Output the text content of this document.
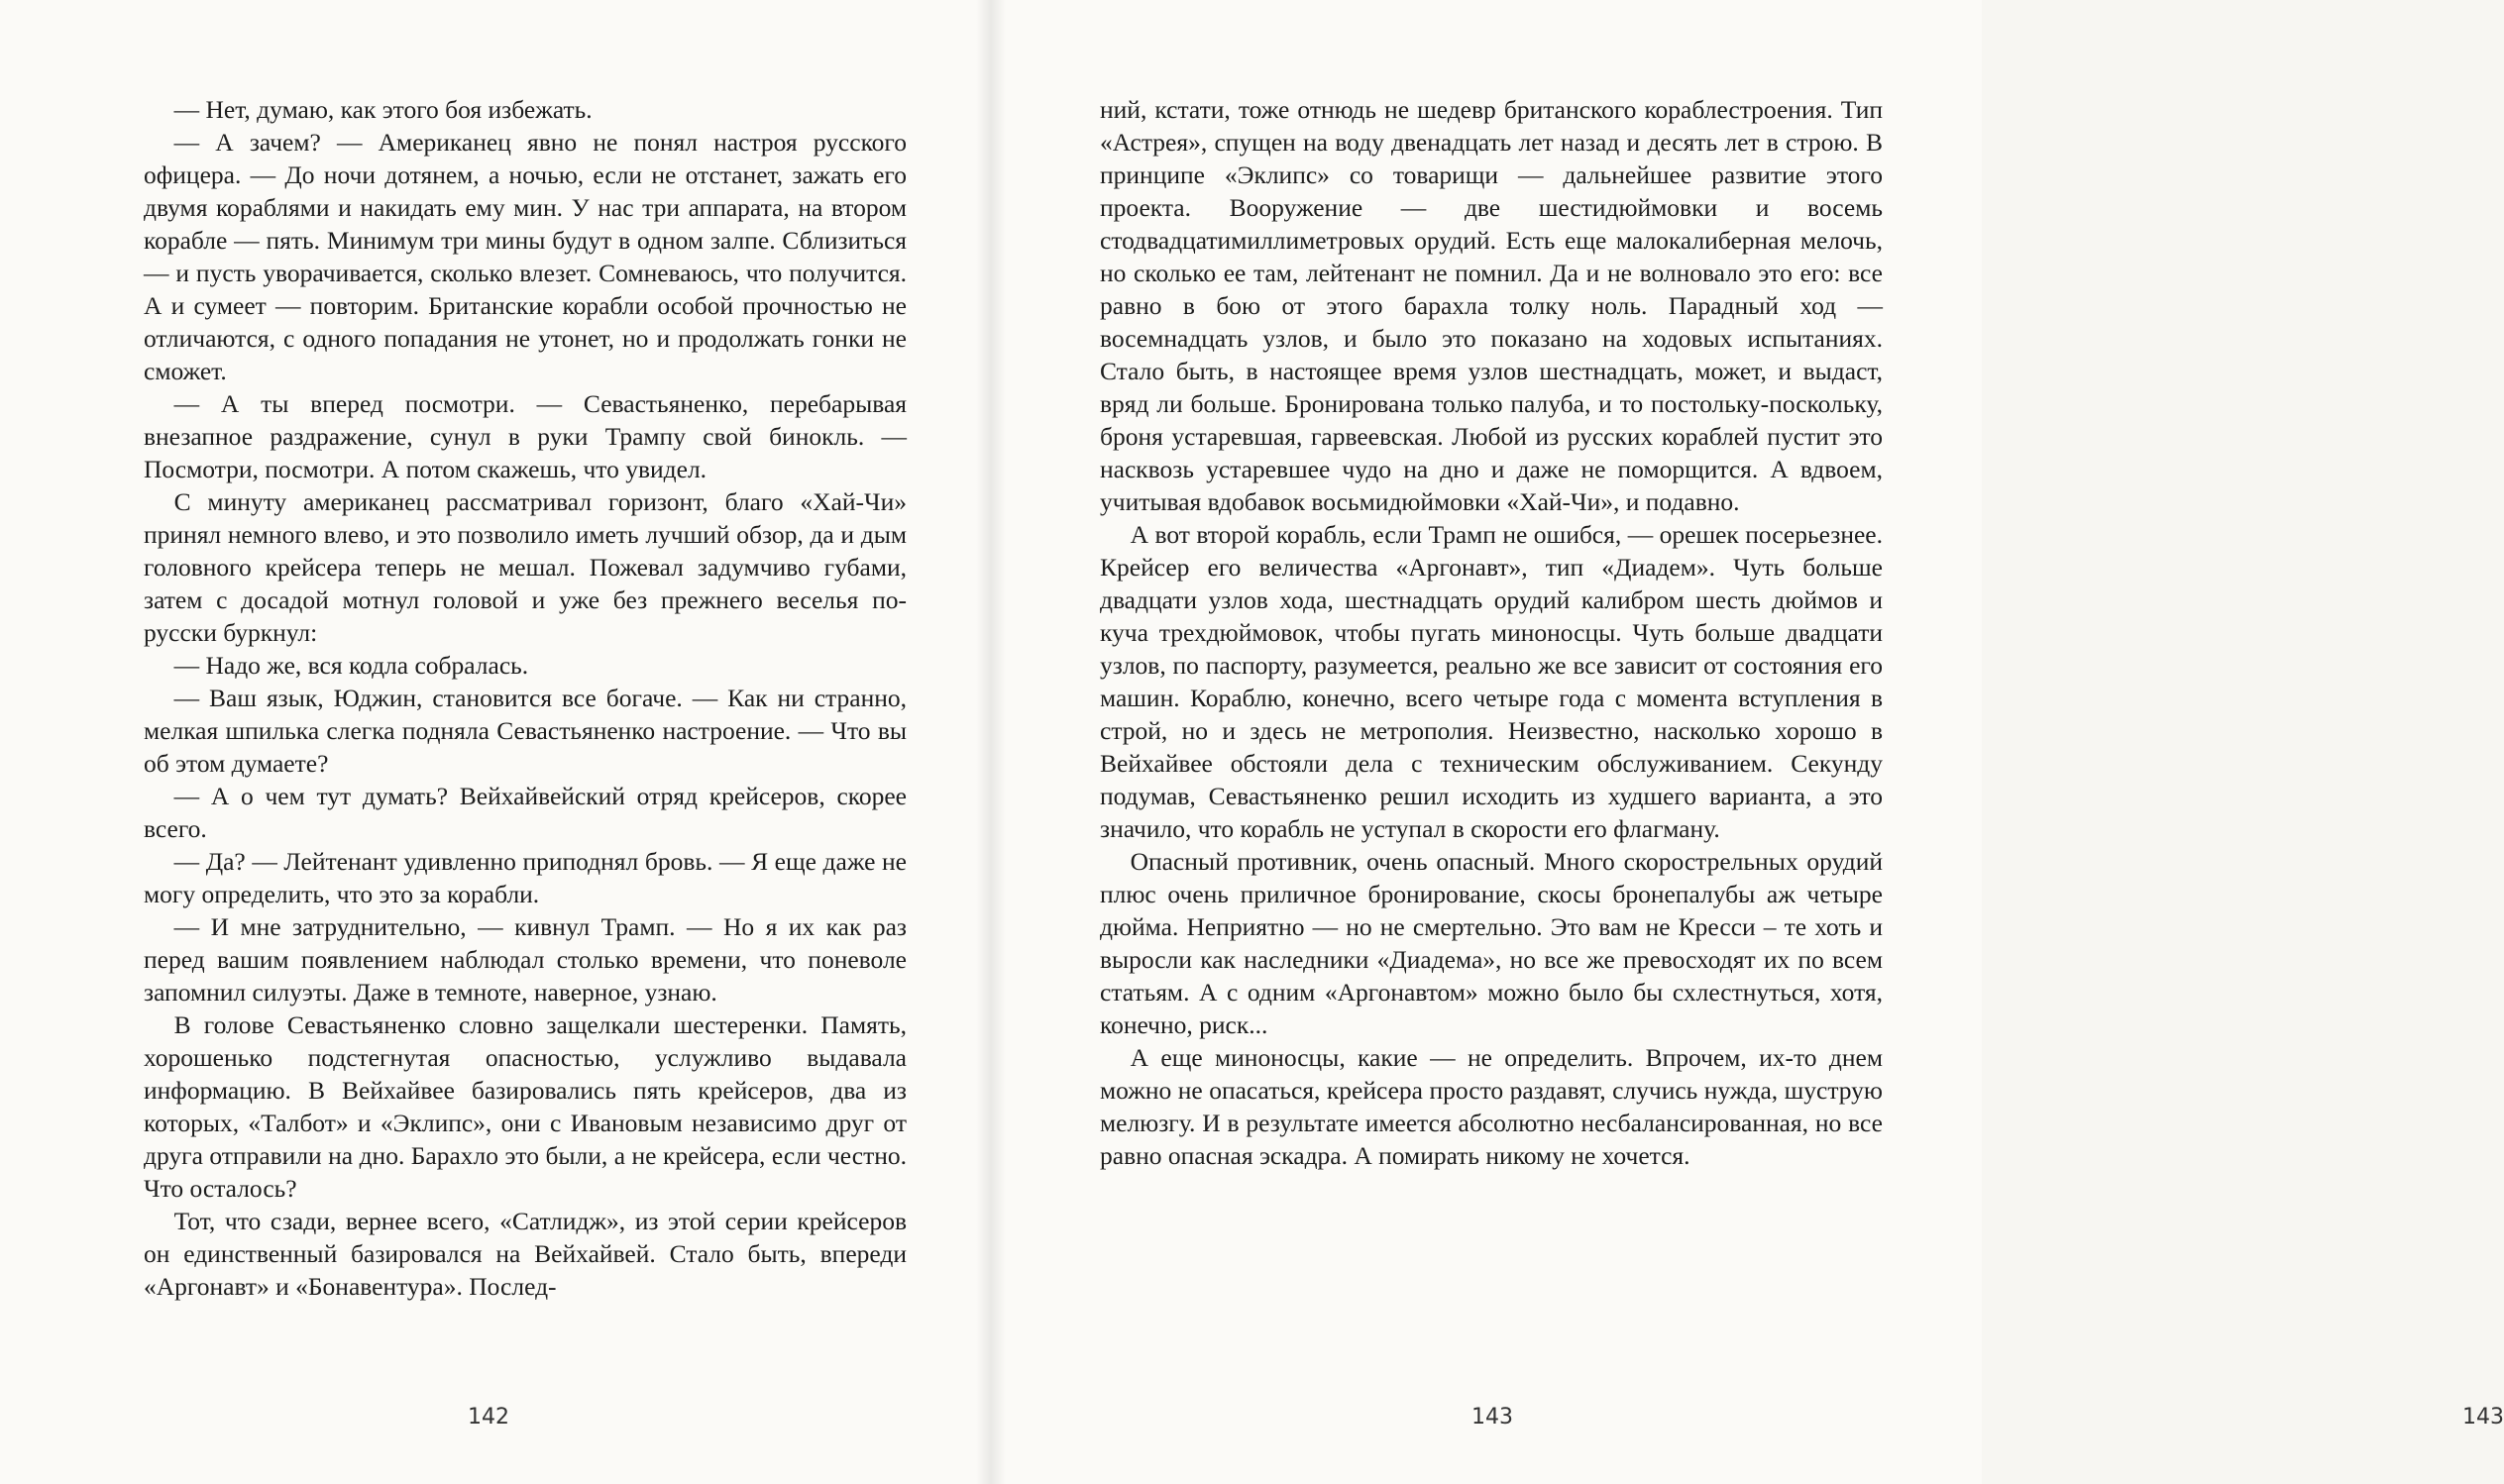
— Нет, думаю, как этого боя избежать.

— А зачем? — Американец явно не понял настроя русского офицера. — До ночи дотянем, а ночью, если не отстанет, зажать его двумя кораблями и накидать ему мин. У нас три аппарата, на втором корабле — пять. Минимум три мины будут в одном залпе. Сблизиться — и пусть уворачивается, сколько влезет. Сомневаюсь, что получится. А и сумеет — повторим. Британские корабли особой прочностью не отличаются, с одного попадания не утонет, но и продолжать гонки не сможет.

— А ты вперед посмотри. — Севастьяненко, перебарывая внезапное раздражение, сунул в руки Трампу свой бинокль. — Посмотри, посмотри. А потом скажешь, что увидел.

С минуту американец рассматривал горизонт, благо «Хай-Чи» принял немного влево, и это позволило иметь лучший обзор, да и дым головного крейсера теперь не мешал. Пожевал задумчиво губами, затем с досадой мотнул головой и уже без прежнего веселья по-русски буркнул:

— Надо же, вся кодла собралась.

— Ваш язык, Юджин, становится все богаче. — Как ни странно, мелкая шпилька слегка подняла Севастьяненко настроение. — Что вы об этом думаете?

— А о чем тут думать? Вейхайвейский отряд крейсеров, скорее всего.

— Да? — Лейтенант удивленно приподнял бровь. — Я еще даже не могу определить, что это за корабли.

— И мне затруднительно, — кивнул Трамп. — Но я их как раз перед вашим появлением наблюдал столько времени, что поневоле запомнил силуэты. Даже в темноте, наверное, узнаю.

В голове Севастьяненко словно защелкали шестеренки. Память, хорошенько подстегнутая опасностью, услужливо выдавала информацию. В Вейхайвее базировались пять крейсеров, два из которых, «Талбот» и «Эклипс», они с Ивановым независимо друг от друга отправили на дно. Барахло это были, а не крейсера, если честно. Что осталось?

Тот, что сзади, вернее всего, «Сатлидж», из этой серии крейсеров он единственный базировался на Вейхайвей. Стало быть, впереди «Аргонавт» и «Бонавентура». Послед-

142	143

ний, кстати, тоже отнюдь не шедевр британского кораблестроения. Тип «Астрея», спущен на воду двенадцать лет назад и десять лет в строю. В принципе «Эклипс» со товарищи — дальнейшее развитие этого проекта. Вооружение — две шестидюймовки и восемь стодвадцатимиллиметровых орудий. Есть еще малокалиберная мелочь, но сколько ее там, лейтенант не помнил. Да и не волновало это его: все равно в бою от этого барахла толку ноль. Парадный ход — восемнадцать узлов, и было это показано на ходовых испытаниях. Стало быть, в настоящее время узлов шестнадцать, может, и выдаст, вряд ли больше. Бронирована только палуба, и то постольку-поскольку, броня устаревшая, гарвеевская. Любой из русских кораблей пустит это насквозь устаревшее чудо на дно и даже не поморщится. А вдвоем, учитывая вдобавок восьмидюймовки «Хай-Чи», и подавно.

А вот второй корабль, если Трамп не ошибся, — орешек посерьезнее. Крейсер его величества «Аргонавт», тип «Диадем». Чуть больше двадцати узлов хода, шестнадцать орудий калибром шесть дюймов и куча трехдюймовок, чтобы пугать миноносцы. Чуть больше двадцати узлов, по паспорту, разумеется, реально же все зависит от состояния его машин. Кораблю, конечно, всего четыре года с момента вступления в строй, но и здесь не метрополия. Неизвестно, насколько хорошо в Вейхайвее обстояли дела с техническим обслуживанием. Секунду подумав, Севастьяненко решил исходить из худшего варианта, а это значило, что корабль не уступал в скорости его флагману.

Опасный противник, очень опасный. Много скорострельных орудий плюс очень приличное бронирование, скосы бронепалубы аж четыре дюйма. Неприятно — но не смертельно. Это вам не Кресси – те хоть и выросли как наследники «Диадема», но все же превосходят их по всем статьям. А с одним «Аргонавтом» можно было бы схлестнуться, хотя, конечно, риск...

А еще миноносцы, какие — не определить. Впрочем, их-то днем можно не опасаться, крейсера просто раздавят, случись нужда, шуструю мелюзгу. И в результате имеется абсолютно несбалансированная, но все равно опасная эскадра. А помирать никому не хочется.

143
